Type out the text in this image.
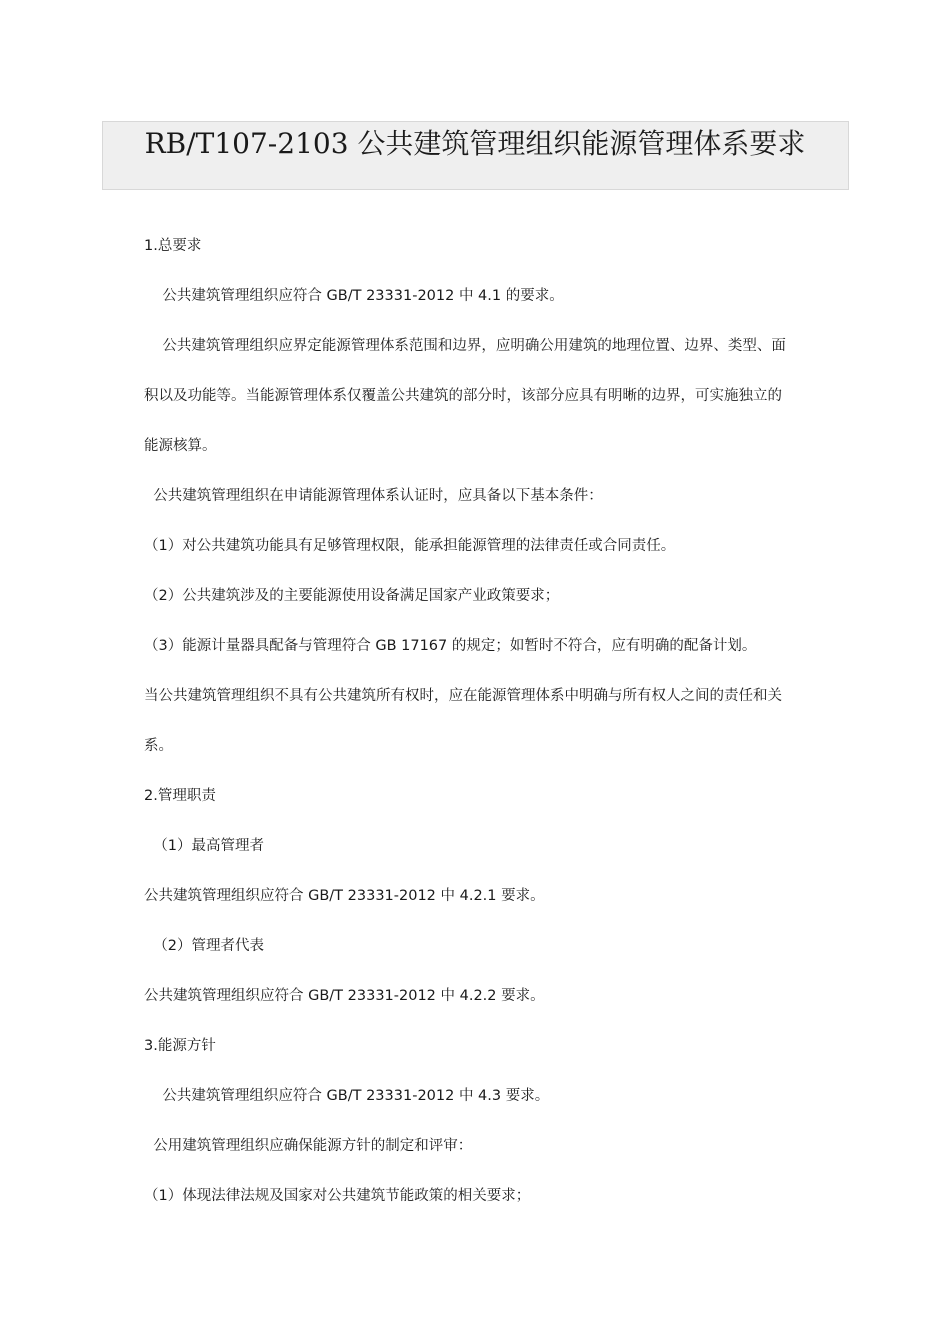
RB/T107-2103 公共建筑管理组织能源管理体系要求
1.总要求
公共建筑管理组织应符合 GB/T 23331-2012 中 4.1 的要求。
公共建筑管理组织应界定能源管理体系范围和边界，应明确公用建筑的地理位置、边界、类型、面
积以及功能等。当能源管理体系仅覆盖公共建筑的部分时，该部分应具有明晰的边界，可实施独立的
能源核算。
公共建筑管理组织在申请能源管理体系认证时，应具备以下基本条件：
（1）对公共建筑功能具有足够管理权限，能承担能源管理的法律责任或合同责任。
（2）公共建筑涉及的主要能源使用设备满足国家产业政策要求；
（3）能源计量器具配备与管理符合 GB 17167 的规定；如暂时不符合，应有明确的配备计划。
当公共建筑管理组织不具有公共建筑所有权时，应在能源管理体系中明确与所有权人之间的责任和关
系。
2.管理职责
（1）最高管理者
公共建筑管理组织应符合 GB/T 23331-2012 中 4.2.1 要求。
（2）管理者代表
公共建筑管理组织应符合 GB/T 23331-2012 中 4.2.2 要求。
3.能源方针
公共建筑管理组织应符合 GB/T 23331-2012 中 4.3 要求。
公用建筑管理组织应确保能源方针的制定和评审：
（1）体现法律法规及国家对公共建筑节能政策的相关要求；
